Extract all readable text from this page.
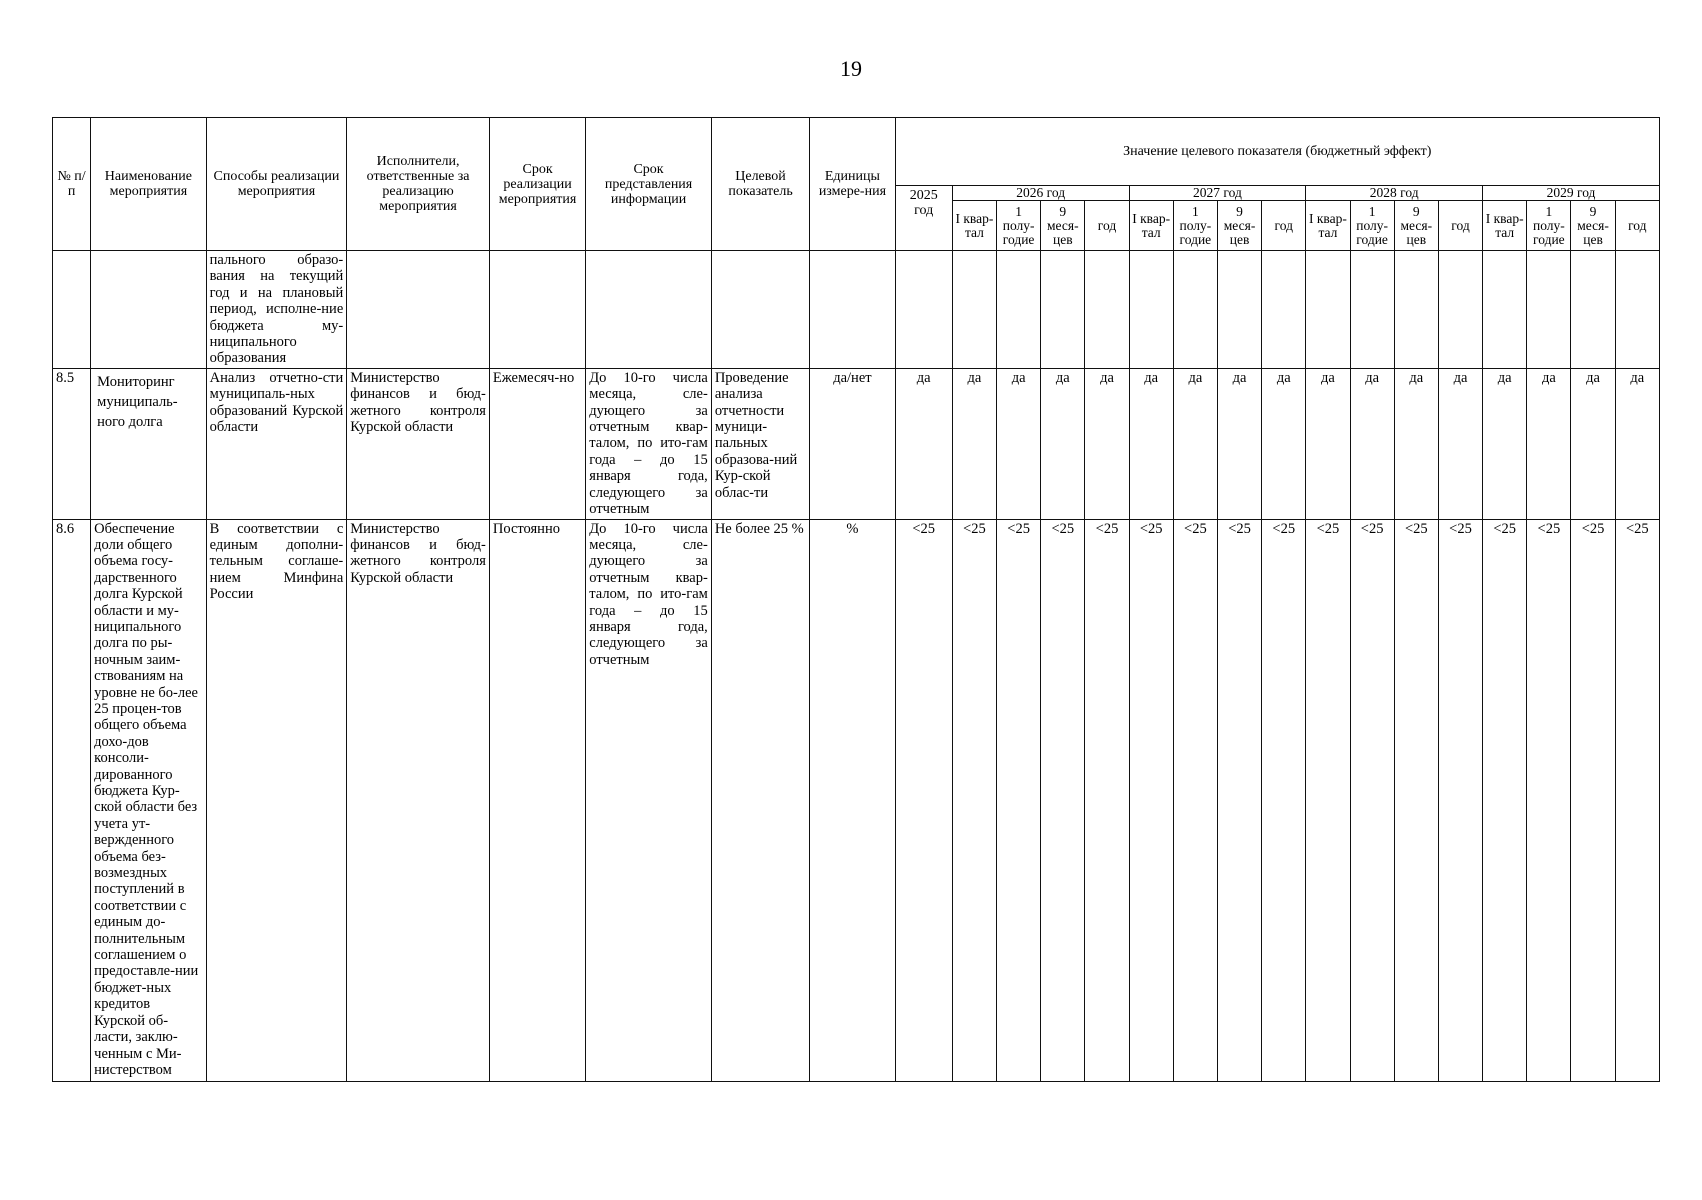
19
№ п/п	Наименование мероприятия	Способы реализации мероприятия	Исполнители, ответственные за реализацию мероприятия	Срок реализации мероприятия	Срок представления информации	Целевой показатель	Единицы измере-ния	Значение целевого показателя (бюджетный эффект)																
								2025 год	2026 год				2027 год				2028 год				2029 год			
									I квар-тал	1 полу-годие	9 меся-цев	год	I квар-тал	1 полу-годие	9 меся-цев	год	I квар-тал	1 полу-годие	9 меся-цев	год	I квар-тал	1 полу-годие	9 меся-цев	год
		пального образо-вания на текущий год и на плановый период, исполне-ние бюджета му-ниципального образования																						
8.5	Мониторинг муниципаль-ного долга	Анализ отчетно-сти муниципаль-ных образований Курской области	Министерство финансов и бюд-жетного контроля Курской области	Ежемесяч-но	До 10-го числа месяца, сле-дующего за отчетным квар-талом, по ито-гам года – до 15 января года, следующего за отчетным	Проведение анализа отчетности муници-пальных образова-ний Кур-ской облас-ти	да/нет	да	да	да	да	да	да	да	да	да	да	да	да	да	да	да	да	да
8.6	Обеспечение доли общего объема госу-дарственного долга Курской области и му-ниципального долга по ры-ночным заим-ствованиям на уровне не бо-лее 25 процен-тов общего объема дохо-дов консоли-дированного бюджета Кур-ской области без учета ут-вержденного объема без-возмездных поступлений в соответствии с единым до-полнительным соглашением о предоставле-нии бюджет-ных кредитов Курской об-ласти, заклю-ченным с Ми-нистерством	В соответствии с единым дополни-тельным соглаше-нием Минфина России	Министерство финансов и бюд-жетного контроля Курской области	Постоянно	До 10-го числа месяца, сле-дующего за отчетным квар-талом, по ито-гам года – до 15 января года, следующего за отчетным	Не более 25 %	%	<25	<25	<25	<25	<25	<25	<25	<25	<25	<25	<25	<25	<25	<25	<25	<25	<25
